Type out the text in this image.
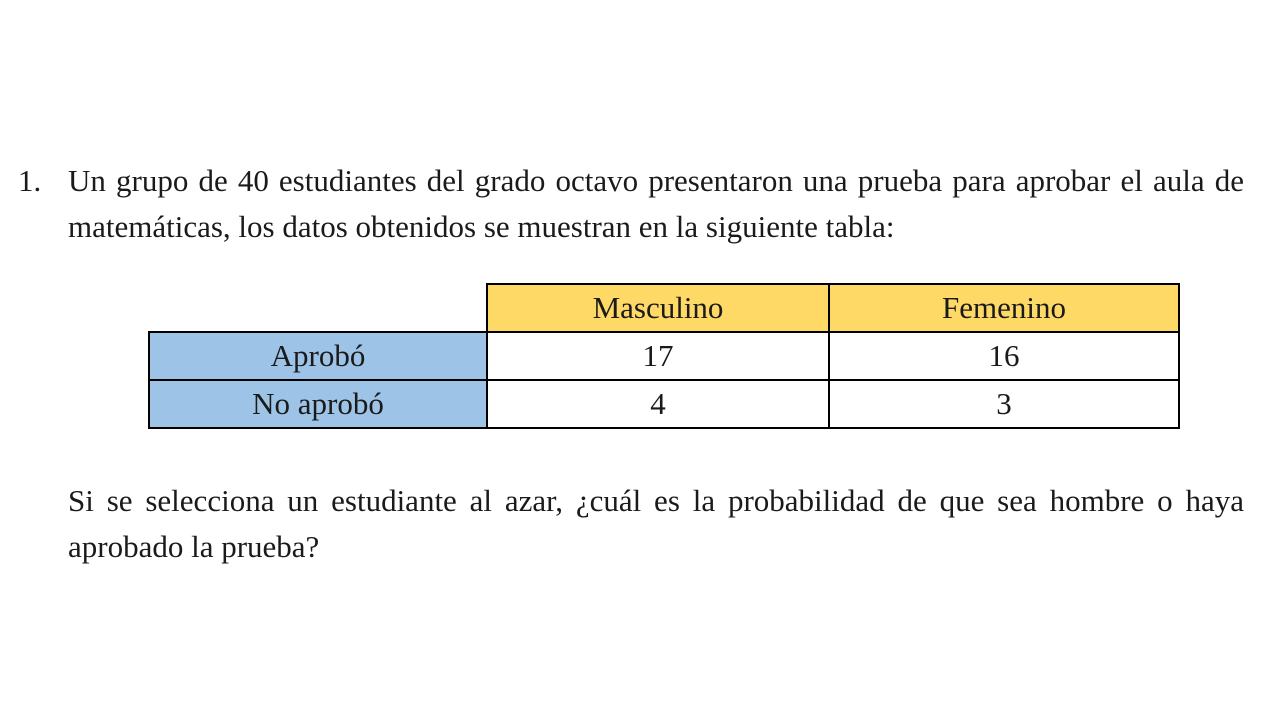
1. Un grupo de 40 estudiantes del grado octavo presentaron una prueba para aprobar el aula de matemáticas, los datos obtenidos se muestran en la siguiente tabla:
	Masculino	Femenino
Aprobó	17	16
No aprobó	4	3
Si se selecciona un estudiante al azar, ¿cuál es la probabilidad de que sea hombre o haya aprobado la prueba?
